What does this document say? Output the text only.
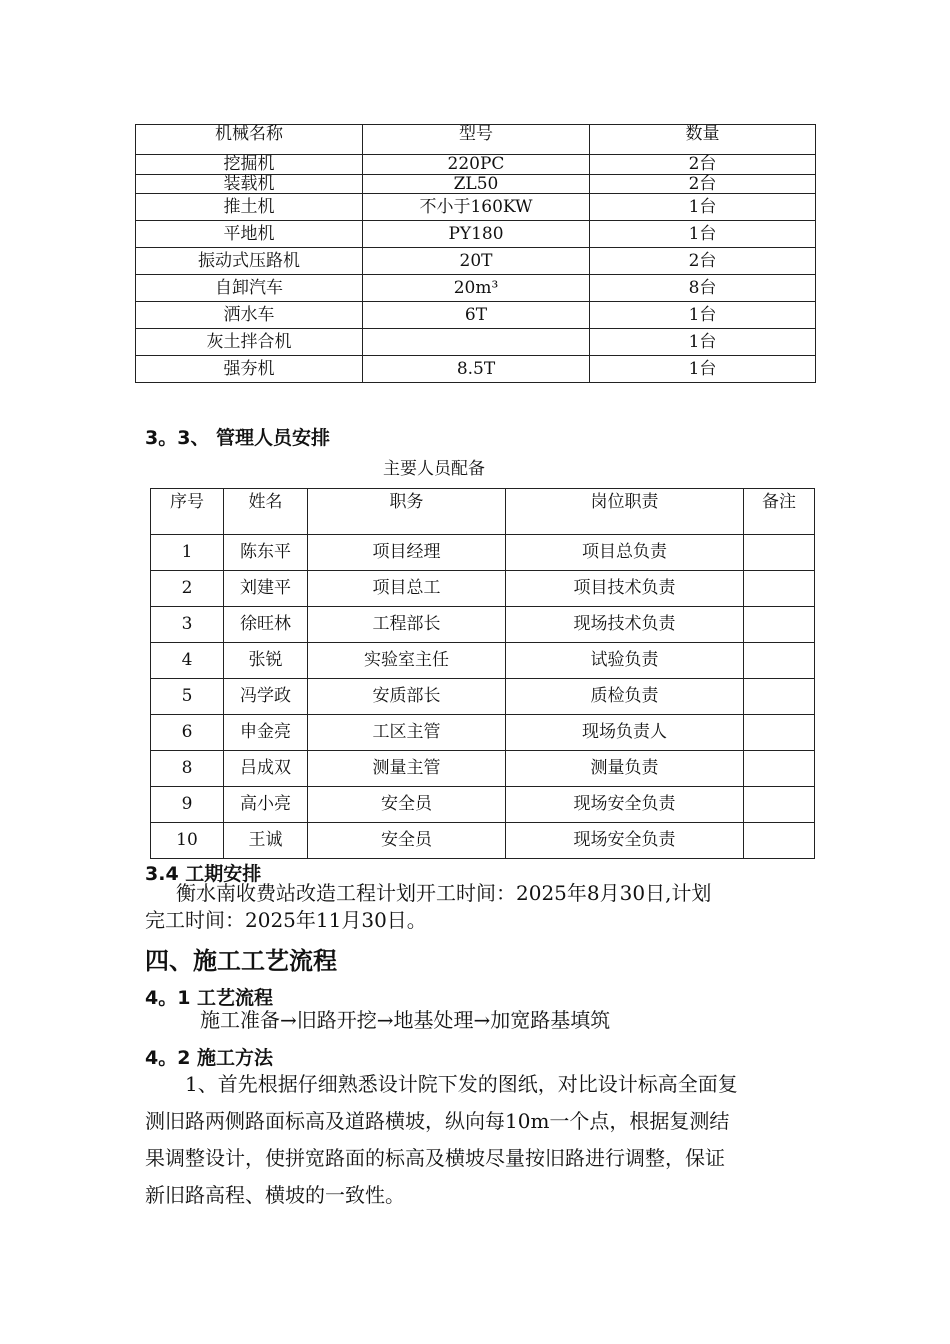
机械名称	型号	数量
挖掘机	220PC	2台
装载机	ZL50	2台
推土机	不小于160KW	1台
平地机	PY180	1台
振动式压路机	20T	2台
自卸汽车	20m³	8台
洒水车	6T	1台
灰土拌合机		1台
强夯机	8.5T	1台
3。3、 管理人员安排
主要人员配备
序号	姓名	职务	岗位职责	备注
1	陈东平	项目经理	项目总负责	
2	刘建平	项目总工	项目技术负责	
3	徐旺林	工程部长	现场技术负责	
4	张锐	实验室主任	试验负责	
5	冯学政	安质部长	质检负责	
6	申金亮	工区主管	现场负责人	
8	吕成双	测量主管	测量负责	
9	高小亮	安全员	现场安全负责	
10	王诚	安全员	现场安全负责	
3.4 工期安排
衡水南收费站改造工程计划开工时间：2025年8月30日,计划
完工时间：2025年11月30日。
四、施工工艺流程
4。1 工艺流程
施工准备→旧路开挖→地基处理→加宽路基填筑
4。2 施工方法
1、首先根据仔细熟悉设计院下发的图纸，对比设计标高全面复
测旧路两侧路面标高及道路横坡，纵向每10m一个点，根据复测结
果调整设计，使拼宽路面的标高及横坡尽量按旧路进行调整，保证
新旧路高程、横坡的一致性。
